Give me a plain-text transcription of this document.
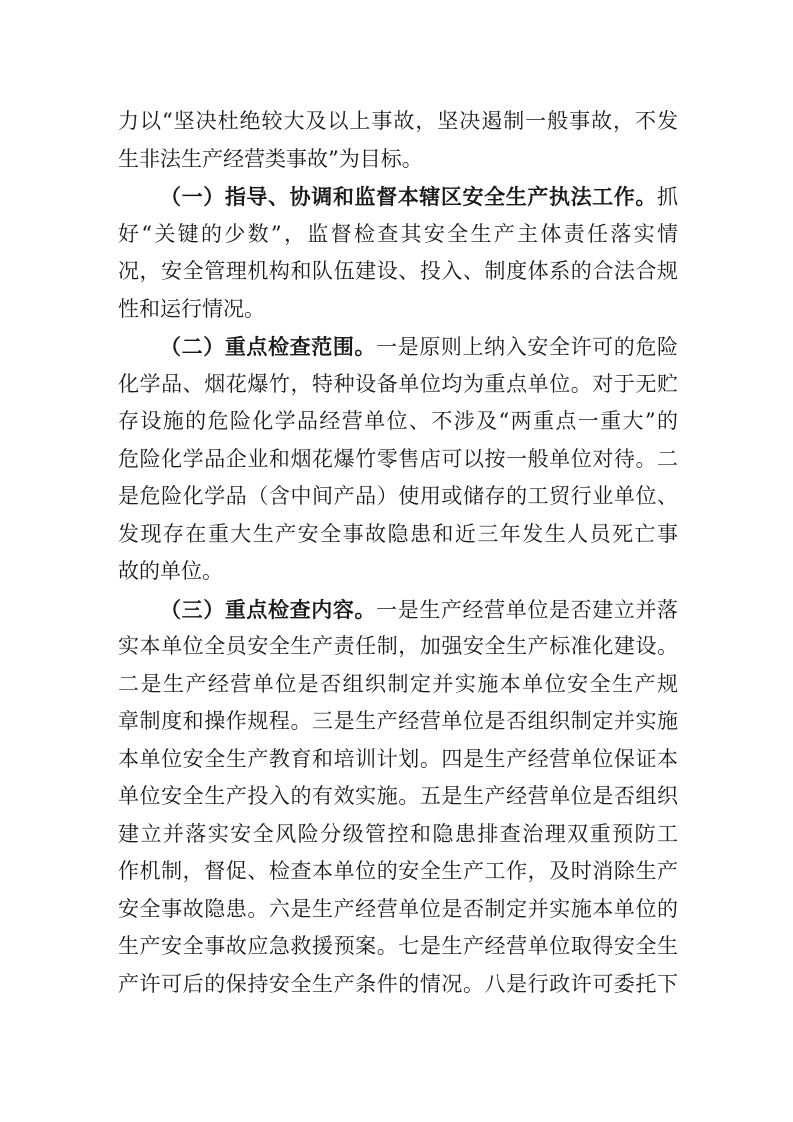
力以“坚决杜绝较大及以上事故，坚决遏制一般事故，不发
生非法生产经营类事故”为目标。
（一）指导、协调和监督本辖区安全生产执法工作。抓
好“关键的少数”，监督检查其安全生产主体责任落实情
况，安全管理机构和队伍建设、投入、制度体系的合法合规
性和运行情况。
（二）重点检查范围。一是原则上纳入安全许可的危险
化学品、烟花爆竹，特种设备单位均为重点单位。对于无贮
存设施的危险化学品经营单位、不涉及“两重点一重大”的
危险化学品企业和烟花爆竹零售店可以按一般单位对待。二
是危险化学品（含中间产品）使用或储存的工贸行业单位、
发现存在重大生产安全事故隐患和近三年发生人员死亡事
故的单位。
（三）重点检查内容。一是生产经营单位是否建立并落
实本单位全员安全生产责任制，加强安全生产标准化建设。
二是生产经营单位是否组织制定并实施本单位安全生产规
章制度和操作规程。三是生产经营单位是否组织制定并实施
本单位安全生产教育和培训计划。四是生产经营单位保证本
单位安全生产投入的有效实施。五是生产经营单位是否组织
建立并落实安全风险分级管控和隐患排查治理双重预防工
作机制，督促、检查本单位的安全生产工作，及时消除生产
安全事故隐患。六是生产经营单位是否制定并实施本单位的
生产安全事故应急救援预案。七是生产经营单位取得安全生
产许可后的保持安全生产条件的情况。八是行政许可委托下
